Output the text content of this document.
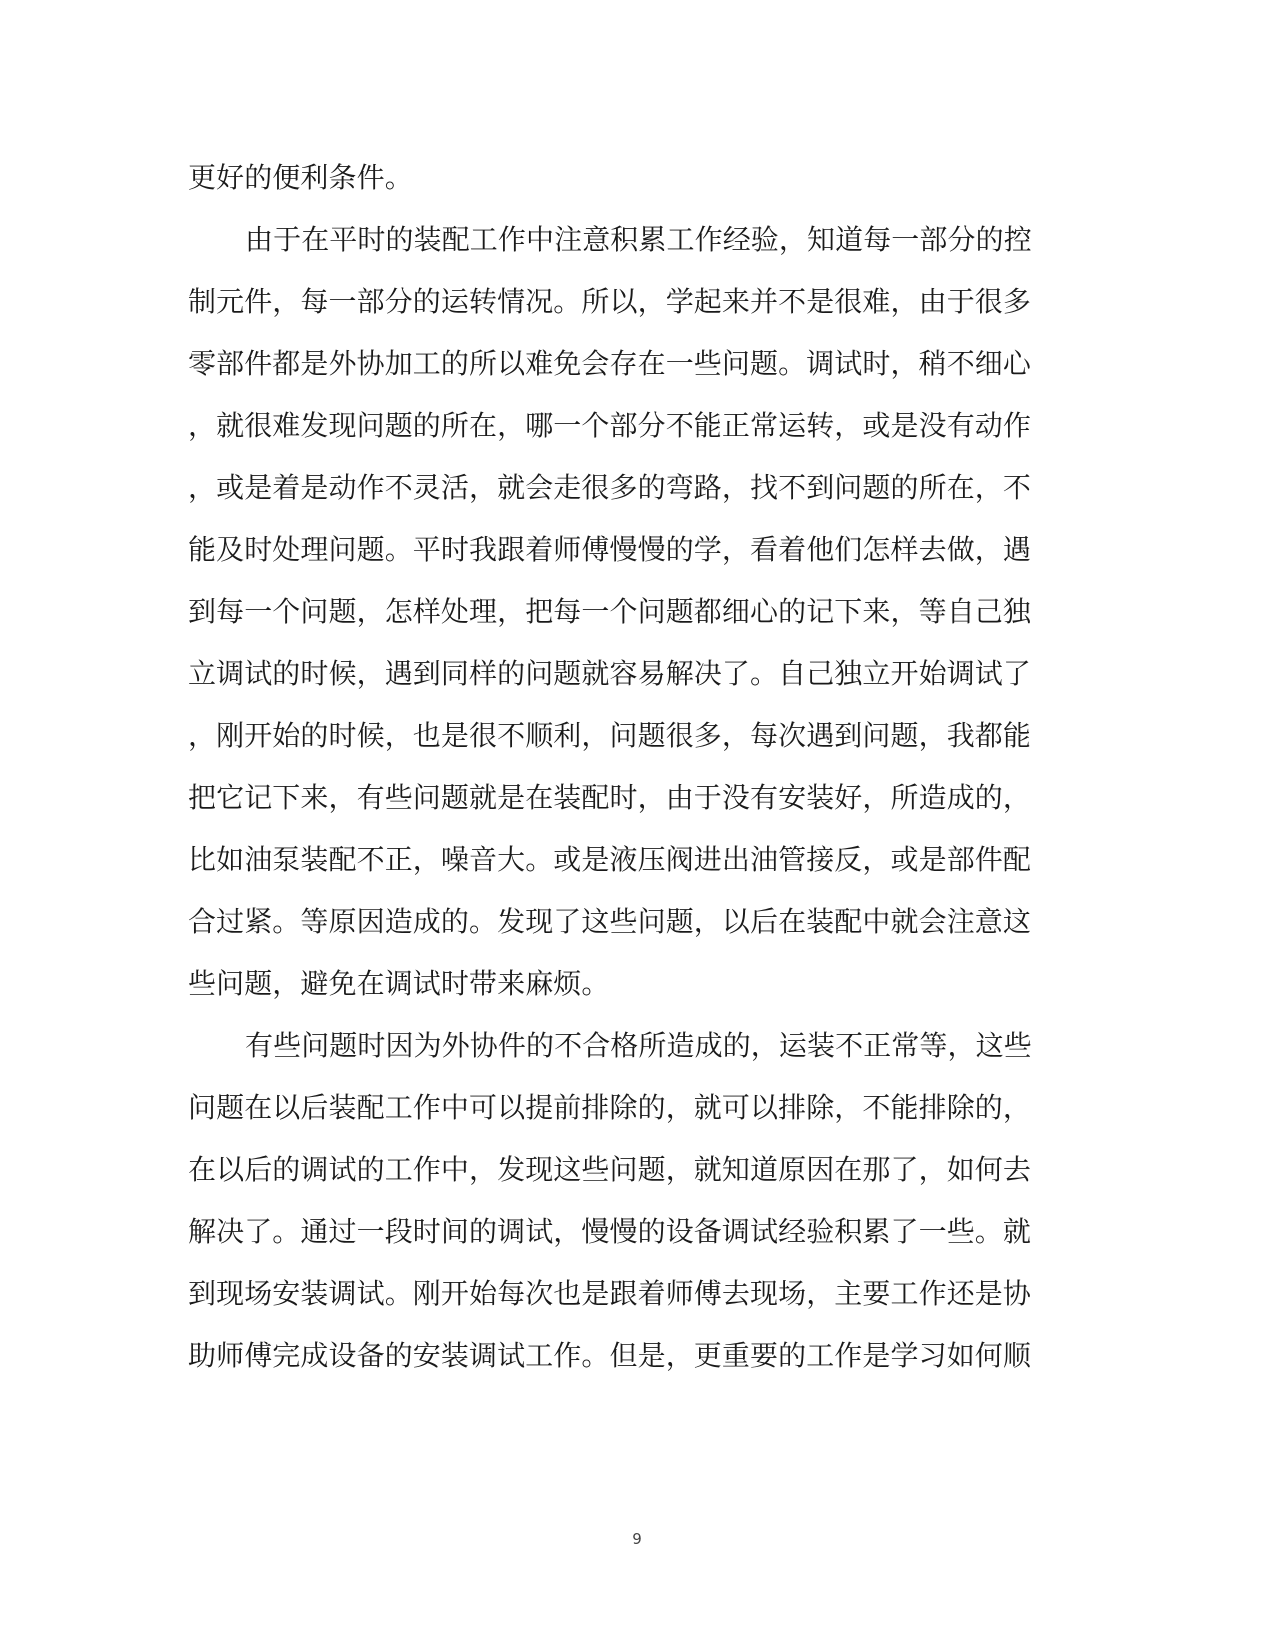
更好的便利条件。
由于在平时的装配工作中注意积累工作经验，知道每一部分的控
制元件，每一部分的运转情况。所以，学起来并不是很难，由于很多
零部件都是外协加工的所以难免会存在一些问题。调试时，稍不细心
，就很难发现问题的所在，哪一个部分不能正常运转，或是没有动作
，或是着是动作不灵活，就会走很多的弯路，找不到问题的所在，不
能及时处理问题。平时我跟着师傅慢慢的学，看着他们怎样去做，遇
到每一个问题，怎样处理，把每一个问题都细心的记下来，等自己独
立调试的时候，遇到同样的问题就容易解决了。自己独立开始调试了
，刚开始的时候，也是很不顺利，问题很多，每次遇到问题，我都能
把它记下来，有些问题就是在装配时，由于没有安装好，所造成的，
比如油泵装配不正，噪音大。或是液压阀进出油管接反，或是部件配
合过紧。等原因造成的。发现了这些问题，以后在装配中就会注意这
些问题，避免在调试时带来麻烦。
有些问题时因为外协件的不合格所造成的，运装不正常等，这些
问题在以后装配工作中可以提前排除的，就可以排除，不能排除的，
在以后的调试的工作中，发现这些问题，就知道原因在那了，如何去
解决了。通过一段时间的调试，慢慢的设备调试经验积累了一些。就
到现场安装调试。刚开始每次也是跟着师傅去现场，主要工作还是协
助师傅完成设备的安装调试工作。但是，更重要的工作是学习如何顺
9
